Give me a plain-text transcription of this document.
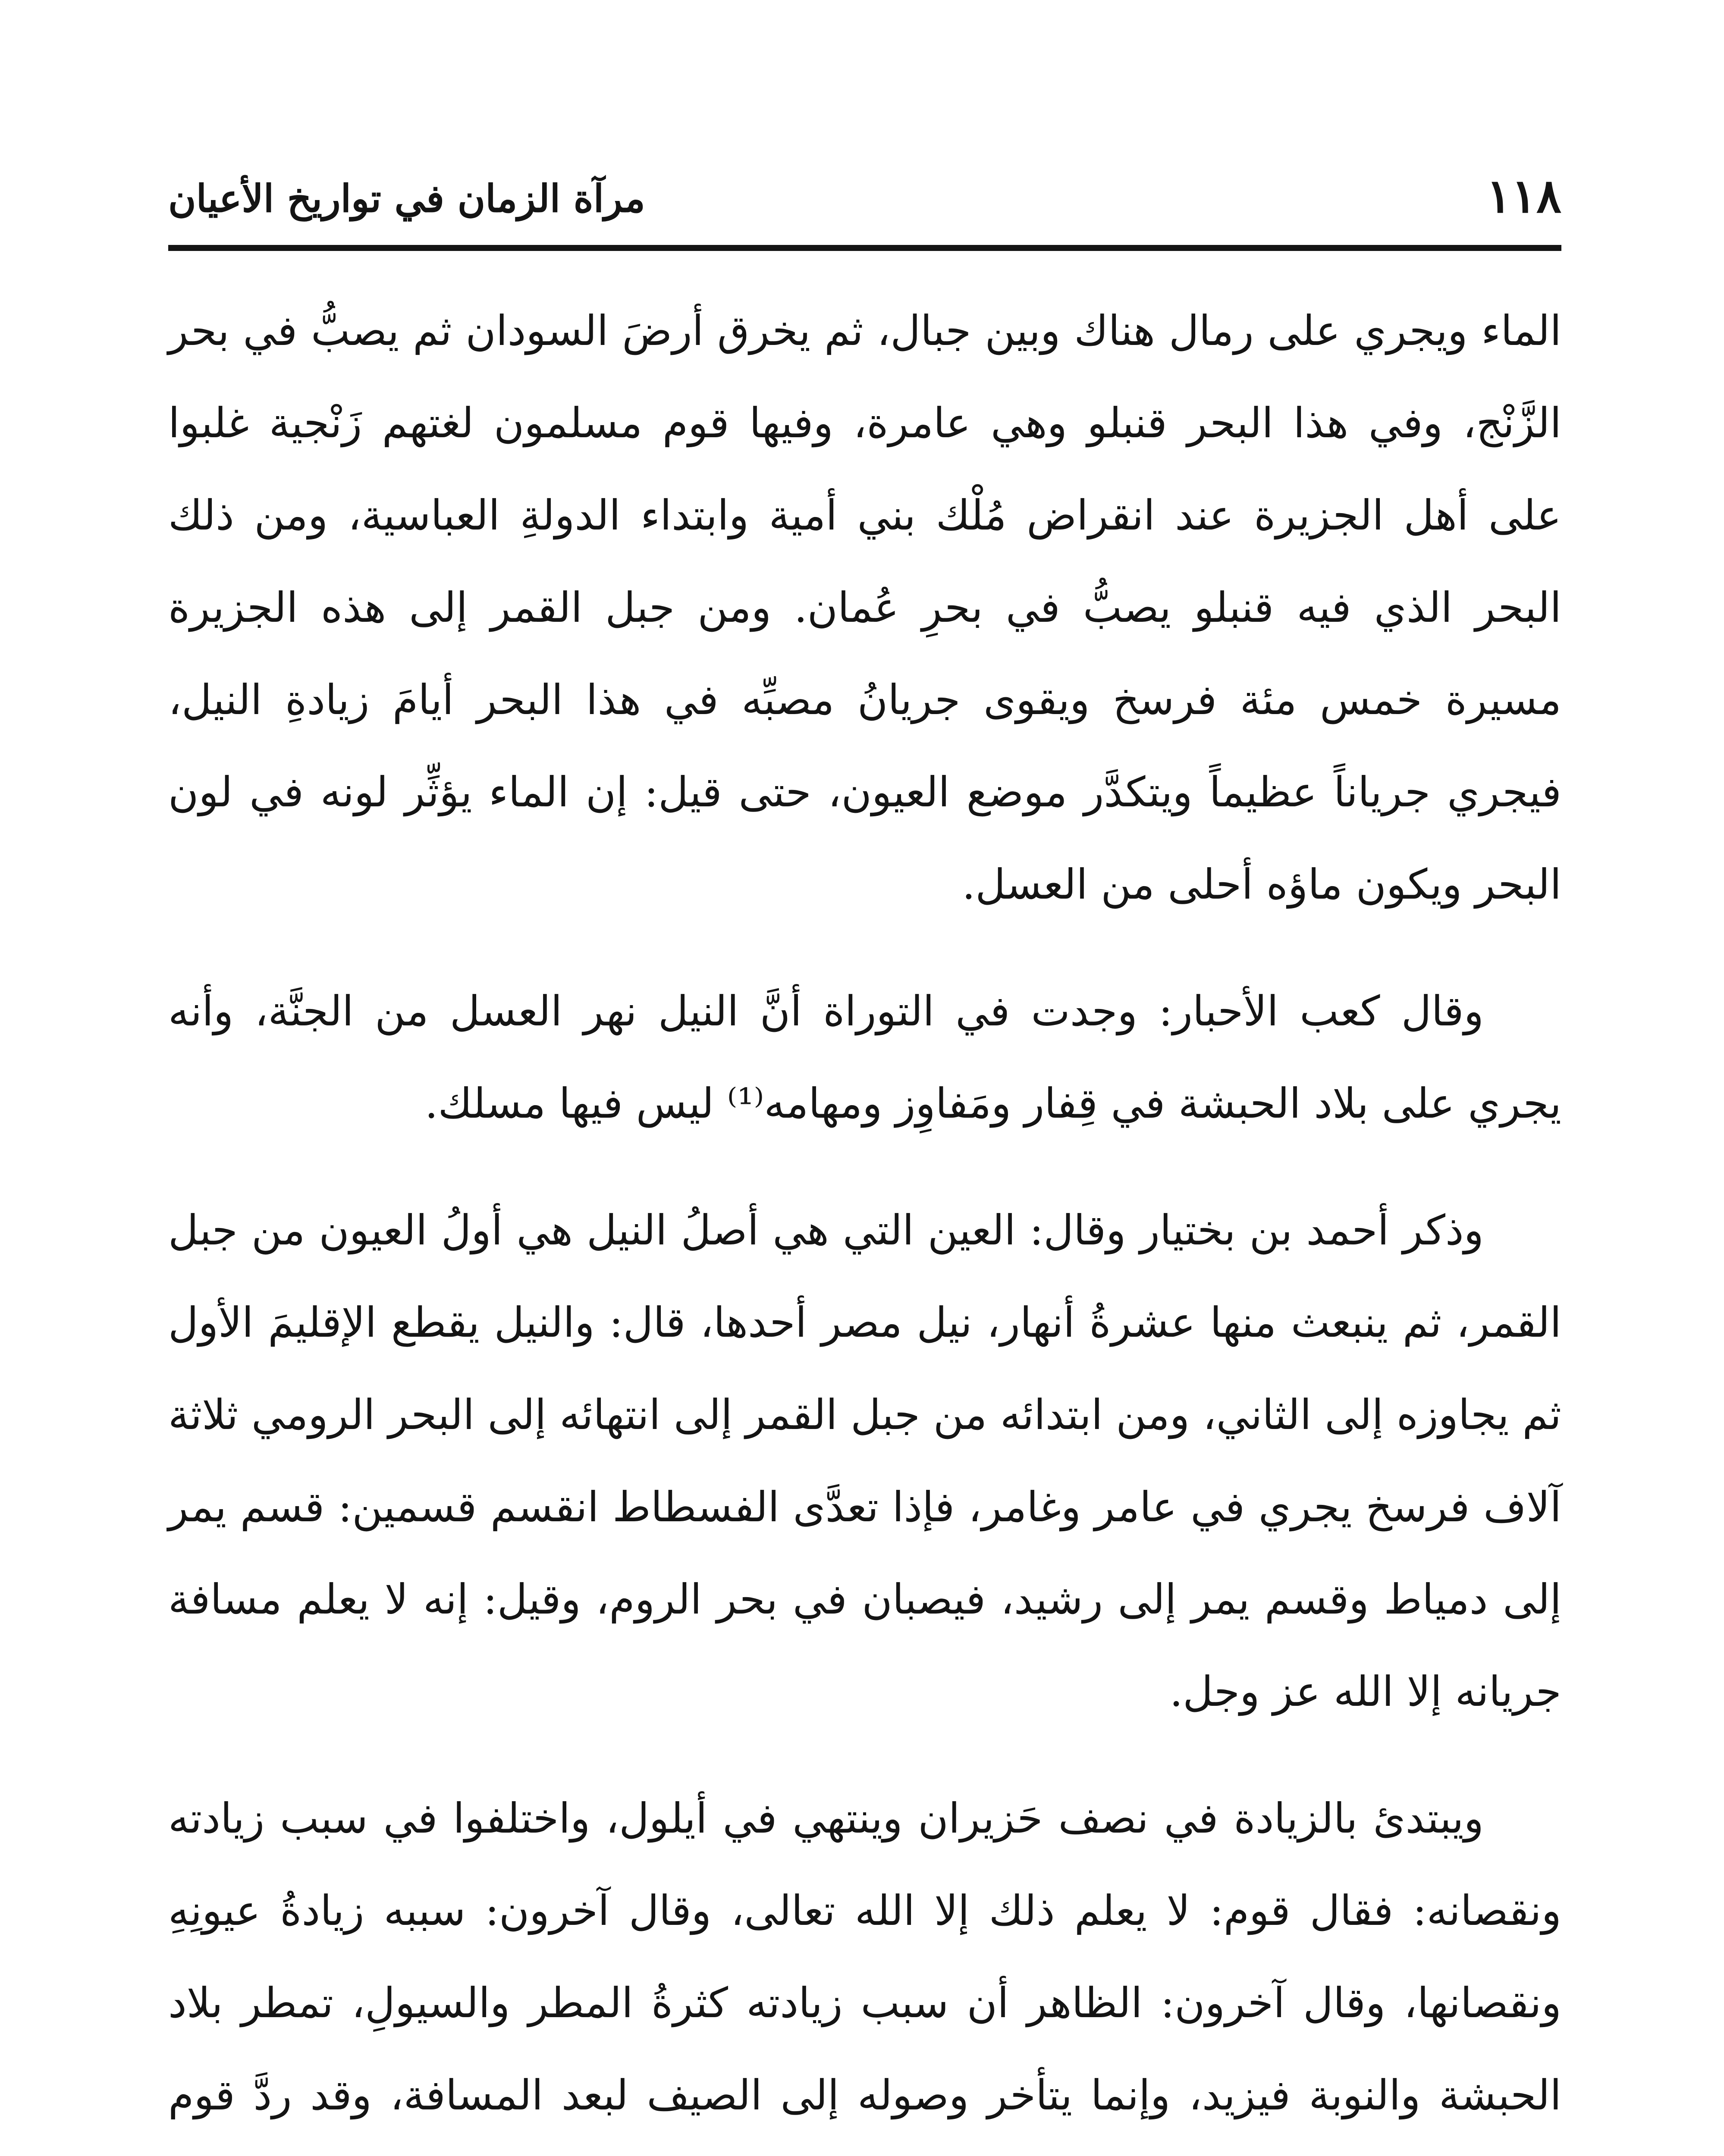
١١٨
مرآة الزمان في تواريخ الأعيان

الماء ويجري على رمال هناك وبين جبال، ثم يخرق أرضَ السودان ثم يصبُّ في بحر الزَّنْج، وفي هذا البحر قنبلو وهي عامرة، وفيها قوم مسلمون لغتهم زَنْجية غلبوا على أهل الجزيرة عند انقراض مُلْك بني أمية وابتداء الدولةِ العباسية، ومن ذلك البحر الذي فيه قنبلو يصبُّ في بحرِ عُمان. ومن جبل القمر إلى هذه الجزيرة مسيرة خمس مئة فرسخ ويقوى جريانُ مصبِّه في هذا البحر أيامَ زيادةِ النيل، فيجري جرياناً عظيماً ويتكدَّر موضع العيون، حتى قيل: إن الماء يؤثِّر لونه في لون البحر ويكون ماؤه أحلى من العسل.

وقال كعب الأحبار: وجدت في التوراة أنَّ النيل نهر العسل من الجنَّة، وأنه يجري على بلاد الحبشة في قِفار ومَفاوِز ومهامه⁽¹⁾ ليس فيها مسلك.

وذكر أحمد بن بختيار وقال: العين التي هي أصلُ النيل هي أولُ العيون من جبل القمر، ثم ينبعث منها عشرةُ أنهار، نيل مصر أحدها، قال: والنيل يقطع الإقليمَ الأول ثم يجاوزه إلى الثاني، ومن ابتدائه من جبل القمر إلى انتهائه إلى البحر الرومي ثلاثة آلاف فرسخ يجري في عامر وغامر، فإذا تعدَّى الفسطاط انقسم قسمين: قسم يمر إلى دمياط وقسم يمر إلى رشيد، فيصبان في بحر الروم، وقيل: إنه لا يعلم مسافة جريانه إلا الله عز وجل.

ويبتدئ بالزيادة في نصف حَزيران وينتهي في أيلول، واختلفوا في سبب زيادته ونقصانه: فقال قوم: لا يعلم ذلك إلا الله تعالى، وقال آخرون: سببه زيادةُ عيونِهِ ونقصانها، وقال آخرون: الظاهر أن سبب زيادته كثرةُ المطر والسيولِ، تمطر بلاد الحبشة والنوبة فيزيد، وإنما يتأخر وصوله إلى الصيف لبعد المسافة، وقد ردَّ قوم
